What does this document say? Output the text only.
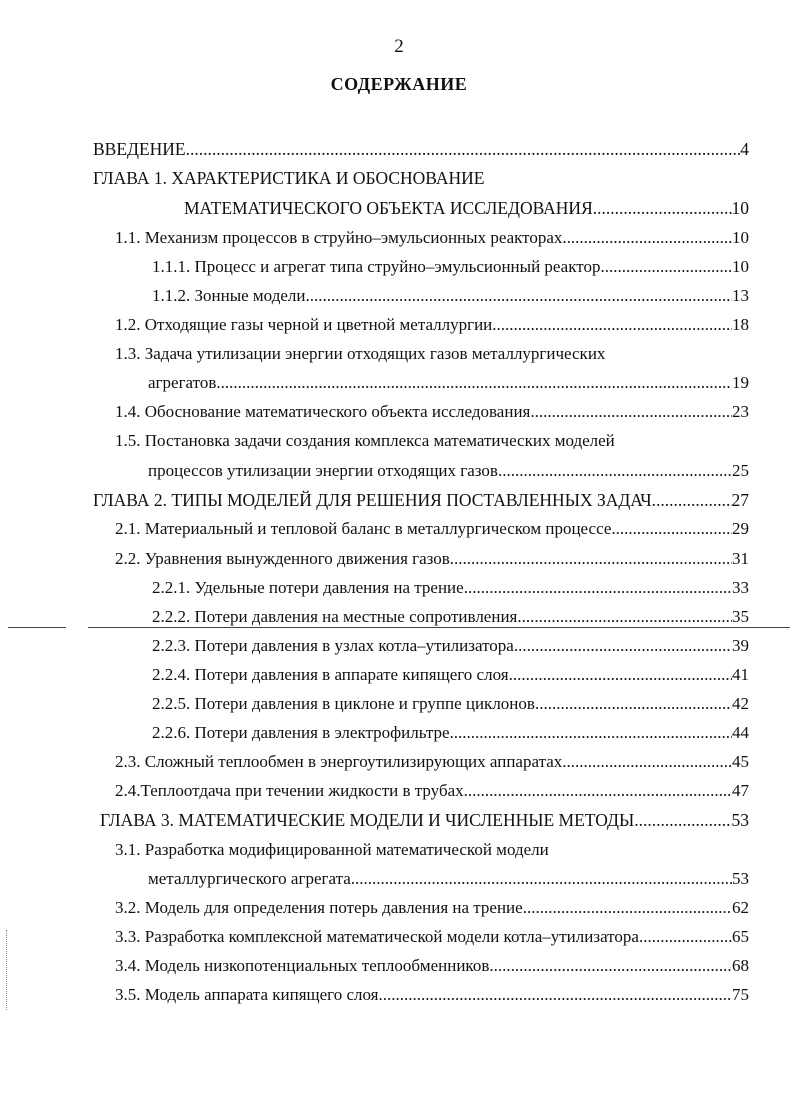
2
СОДЕРЖАНИЕ
ВВЕДЕНИЕ .....	4
ГЛАВА 1. ХАРАКТЕРИСТИКА И ОБОСНОВАНИЕ
МАТЕМАТИЧЕСКОГО ОБЪЕКТА ИССЛЕДОВАНИЯ .....	10
1.1. Механизм процессов в струйно–эмульсионных реакторах .....	10
1.1.1. Процесс и агрегат типа струйно–эмульсионный реактор .....	10
1.1.2. Зонные модели .....	13
1.2. Отходящие газы черной и цветной металлургии .....	18
1.3. Задача утилизации энергии отходящих газов металлургических
агрегатов .....	19
1.4. Обоснование математического объекта исследования .....	23
1.5. Постановка задачи создания комплекса математических моделей
процессов утилизации энергии отходящих газов .....	25
ГЛАВА 2. ТИПЫ МОДЕЛЕЙ ДЛЯ РЕШЕНИЯ ПОСТАВЛЕННЫХ ЗАДАЧ .....	27
2.1. Материальный и тепловой баланс в металлургическом процессе .....	29
2.2. Уравнения вынужденного движения газов .....	31
2.2.1. Удельные потери давления на трение .....	33
2.2.2. Потери давления на местные сопротивления .....	35
2.2.3. Потери давления в узлах котла–утилизатора .....	39
2.2.4. Потери давления в аппарате кипящего слоя .....	41
2.2.5. Потери давления в циклоне и группе циклонов .....	42
2.2.6. Потери давления в электрофильтре .....	44
2.3. Сложный теплообмен в энергоутилизирующих аппаратах .....	45
2.4.Теплоотдача при течении жидкости в трубах .....	47
ГЛАВА 3. МАТЕМАТИЧЕСКИЕ МОДЕЛИ И ЧИСЛЕННЫЕ МЕТОДЫ .....	53
3.1. Разработка модифицированной математической модели
металлургического агрегата .....	53
3.2. Модель для определения потерь давления на трение .....	62
3.3. Разработка комплексной математической модели котла–утилизатора .....	65
3.4. Модель низкопотенциальных теплообменников .....	68
3.5. Модель аппарата кипящего слоя .....	75
